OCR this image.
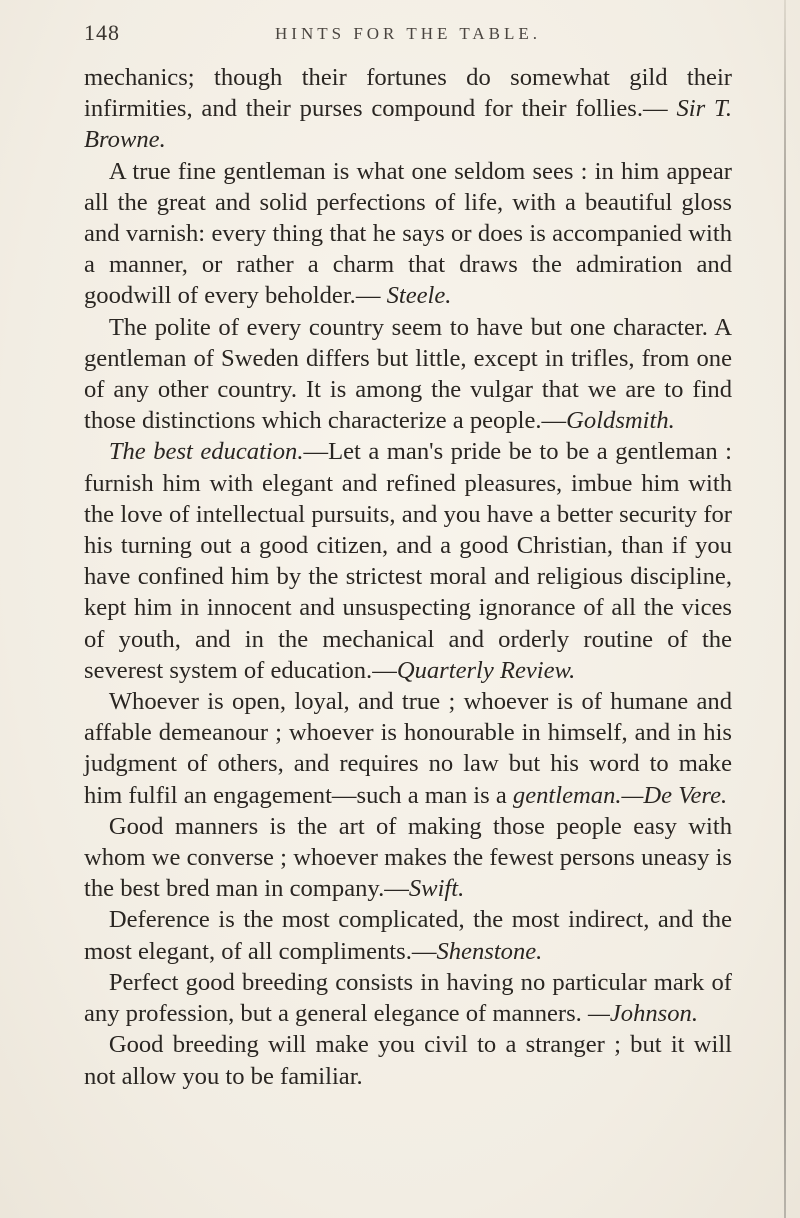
148	HINTS FOR THE TABLE.

mechanics; though their fortunes do somewhat gild their infirmities, and their purses compound for their follies.— Sir T. Browne.

A true fine gentleman is what one seldom sees : in him appear all the great and solid perfections of life, with a beautiful gloss and varnish: every thing that he says or does is accompanied with a manner, or rather a charm that draws the admiration and goodwill of every beholder.— Steele.

The polite of every country seem to have but one character. A gentleman of Sweden differs but little, except in trifles, from one of any other country. It is among the vulgar that we are to find those distinctions which characterize a people.—Goldsmith.

The best education.—Let a man's pride be to be a gentleman : furnish him with elegant and refined pleasures, imbue him with the love of intellectual pursuits, and you have a better security for his turning out a good citizen, and a good Christian, than if you have confined him by the strictest moral and religious discipline, kept him in innocent and unsuspecting ignorance of all the vices of youth, and in the mechanical and orderly routine of the severest system of education.—Quarterly Review.

Whoever is open, loyal, and true ; whoever is of humane and affable demeanour ; whoever is honourable in himself, and in his judgment of others, and requires no law but his word to make him fulfil an engagement—such a man is a gentleman.—De Vere.

Good manners is the art of making those people easy with whom we converse ; whoever makes the fewest persons uneasy is the best bred man in company.—Swift.

Deference is the most complicated, the most indirect, and the most elegant, of all compliments.—Shenstone.

Perfect good breeding consists in having no particular mark of any profession, but a general elegance of manners. —Johnson.

Good breeding will make you civil to a stranger ; but it will not allow you to be familiar.
